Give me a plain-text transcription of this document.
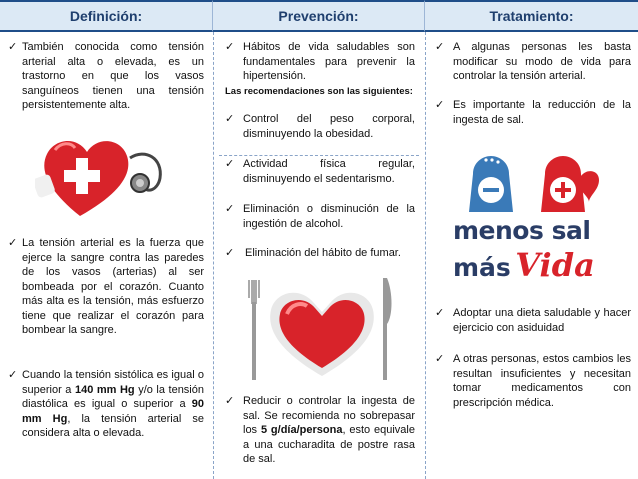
Definición:
✓ También conocida como tensión arterial alta o elevada, es un trastorno en que los vasos sanguíneos tienen una tensión persistentemente alta.
✓ La tensión arterial es la fuerza que ejerce la sangre contra las paredes de los vasos (arterias) al ser bombeada por el corazón. Cuanto más alta es la tensión, más esfuerzo tiene que realizar el corazón para bombear la sangre.
✓ Cuando la tensión sistólica es igual o superior a 140 mm Hg y/o la tensión diastólica es igual o superior a 90 mm Hg, la tensión arterial se considera alta o elevada.
Prevención:
✓ Hábitos de vida saludables son fundamentales para prevenir la hipertensión.
Las recomendaciones son las siguientes:
✓ Control del peso corporal, disminuyendo la obesidad.
✓ Actividad física regular, disminuyendo el sedentarismo.
✓ Eliminación o disminución de la ingestión de alcohol.
✓ Eliminación del hábito de fumar.
✓ Reducir o controlar la ingesta de sal. Se recomienda no sobrepasar los 5 g/día/persona, esto equivale a una cucharadita de postre rasa de sal.
Tratamiento:
✓ A algunas personas les basta modificar su modo de vida para controlar la tensión arterial.
✓ Es importante la reducción de la ingesta de sal.
menos sal
más Vida
✓ Adoptar una dieta saludable y hacer ejercicio con asiduidad
✓ A otras personas, estos cambios les resultan insuficientes y necesitan tomar medicamentos con prescripción médica.
